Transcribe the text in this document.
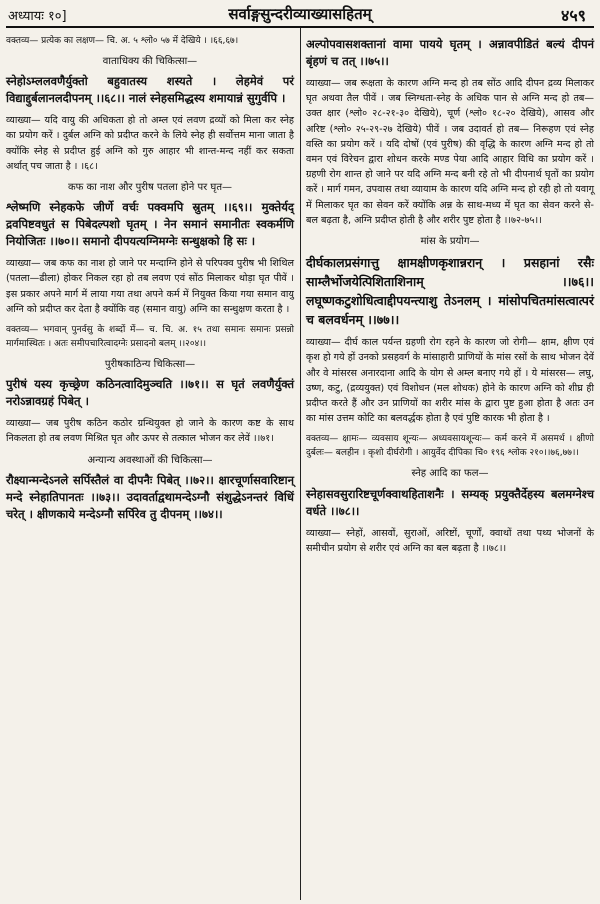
अध्यायः १०]	सर्वाङ्गसुन्दरीव्याख्यासहितम्	४५९

वक्तव्य— प्रत्येक का लक्षण— चि. अ. ५ श्लो० ५७ में देखिये । ।६६,६७।

वाताधिक्य की चिकित्सा—

स्नेहोऽम्ललवणैर्युक्तो बहुवातस्य शस्यते । लेहमेवं परं विद्याद्दुर्बलानलदीपनम् ।।६८।। नालं स्नेहसमिद्धस्य शमायान्नं सुगुर्वपि ।

व्याख्या— यदि वायु की अधिकता हो तो अम्ल एवं लवण द्रव्यों को मिला कर स्नेह का प्रयोग करें । दुर्बल अग्नि को प्रदीप्त करने के लिये स्नेह ही सर्वोत्तम माना जाता है क्योंकि स्नेह से प्रदीप्त हुई अग्नि को गुरु आहार भी शान्त-मन्द नहीं कर सकता अर्थात् पच जाता है । ।६८।

कफ का नाश और पुरीष पतला होने पर घृत—

श्लेष्मणि स्नेहकफे जीर्णे वर्चः पक्वमपि स्रुतम् ।।६९।। मुक्तेर्यद् द्रवपिष्टवधुतं स पिबेदल्पशो घृतम् । नेन समानं समानीतः स्वकर्मणि नियोजितः ।।७०।। समानो दीपयत्यग्निमग्नेः सन्धुक्षको हि सः ।

व्याख्या— जब कफ का नाश हो जाने पर मन्दाग्नि होने से परिपक्व पुरीष भी शिथिल (पतला—ढीला) होकर निकल रहा हो तब लवण एवं सोंठ मिलाकर थोड़ा घृत पीवें । इस प्रकार अपने मार्ग में लाया गया तथा अपने कर्म में नियुक्त किया गया समान वायु अग्नि को प्रदीप्त कर देता है क्योंकि वह (समान वायु) अग्नि का सन्धुक्षण करता है ।

वक्तव्य— भगवान् पुनर्वसु के शब्दों में— च. चि. अ. १५ तथा समानः समानः प्रसन्नो मार्गमास्थितः । अतः समीपचारित्वादग्नेः प्रसादनो बलम् ।।२०४।।

पुरीषकाठिन्य चिकित्सा—

पुरीषं यस्य कृच्छ्रेण कठिनत्वादिमुञ्चति ।।७१।। स घृतं लवणैर्युक्तं नरोऽन्नावग्रहं पिबेत् ।

व्याख्या— जब पुरीष कठिन कठोर ग्रन्थियुक्त हो जाने के कारण कष्ट के साथ निकलता हो तब लवण मिश्रित घृत और ऊपर से तत्काल भोजन कर लेवें ।।७१।

अन्यान्य अवस्थाओं की चिकित्सा—

रौक्ष्यान्मन्देऽनले सर्पिस्तैलं वा दीपनैः पिबेत् ।।७२।। क्षारचूर्णासवारिष्टान् मन्दे स्नेहातिपानतः ।।७३।। उदावर्ताद्वथामन्देऽग्नौ संशुद्धेऽनन्तरं विधिं चरेत् । क्षीणकाये मन्देऽग्नौ सर्पिरेव तु दीपनम् ।।७४।।

अल्पोपवासशक्तानां वामा पायये घृतम् । अन्नावपीडितं बल्यं दीपनं बृंहणं च तत् ।।७५।।

व्याख्या— जब रूक्षता के कारण अग्नि मन्द हो तब सोंठ आदि दीपन द्रव्य मिलाकर घृत अथवा तैल पीवें । जब स्निग्धता-स्नेह के अधिक पान से अग्नि मन्द हो तब— उक्त क्षार (श्लो० २८-२१-३० देखिये), चूर्ण (श्लो० १८-२० देखिये), आसव और अरिष्ट (श्लो० २५-२९-२७ देखिये) पीवें । जब उदावर्त हो तब— निरूहण एवं स्नेह वस्ति का प्रयोग करें । यदि दोषों (एवं पुरीष) की वृद्धि के कारण अग्नि मन्द हो तो वमन एवं विरेचन द्वारा शोधन करके मण्ड पेया आदि आहार विधि का प्रयोग करें । ग्रहणी रोग शान्त हो जाने पर यदि अग्नि मन्द बनी रहे तो भी दीपनार्थ घृतों का प्रयोग करें । मार्ग गमन, उपवास तथा व्यायाम के कारण यदि अग्नि मन्द हो रही हो तो यवागू में मिलाकर घृत का सेवन करें क्योंकि अन्न के साथ-मध्य में घृत का सेवन करने से- बल बढ़ता है, अग्नि प्रदीप्त होती है और शरीर पुष्ट होता है ।।७२-७५।।

मांस के प्रयोग—

दीर्घकालप्रसंगात्तु क्षामक्षीणकृशान्नरान् । प्रसहानां रसैः साम्लैर्भोजयेत्पिशिताशिनाम् ।।७६।। लघूष्णकटुशोधित्वाद्दीपयन्त्याशु तेऽनलम् । मांसोपचितमांसत्वात्परं च बलवर्धनम् ।।७७।।

व्याख्या— दीर्घ काल पर्यन्त ग्रहणी रोग रहने के कारण जो रोगी— क्षाम, क्षीण एवं कृश हो गये हों उनको प्रसहवर्ग के मांसाहारी प्राणियों के मांस रसों के साथ भोजन देवें और वे मांसरस अनारदाना आदि के योग से अम्ल बनाए गये हों । ये मांसरस— लघु, उष्ण, कटु, (द्रव्ययुक्त) एवं विशोधन (मल शोधक) होने के कारण अग्नि को शीघ्र ही प्रदीप्त करते हैं और उन प्राणियों का शरीर मांस के द्वारा पुष्ट हुआ होता है अतः उन का मांस उत्तम कोटि का बलवर्द्धक होता है एवं पुष्टि कारक भी होता है ।

वक्तव्य— क्षामः— व्यवसाय शून्यः— अध्यवसायशून्यः— कर्म करने में असमर्थ । क्षीणो दुर्बलः— बलहीन । कृशो दीर्घरोगी । आयुर्वेद दीपिका चि० १९६ श्लोक २१०।।७६,७७।।

स्नेह आदि का फल—

स्नेहासवसुरारिष्टचूर्णक्वाथहिताशनैः । सम्यक् प्रयुक्तैर्देहस्य बलमग्नेश्च वर्धते ।।७८।।

व्याख्या— स्नेहों, आसवों, सुराओं, अरिष्टों, चूर्णों, क्वाथों तथा पथ्य भोजनों के समीचीन प्रयोग से शरीर एवं अग्नि का बल बढ़ता है ।।७८।।
